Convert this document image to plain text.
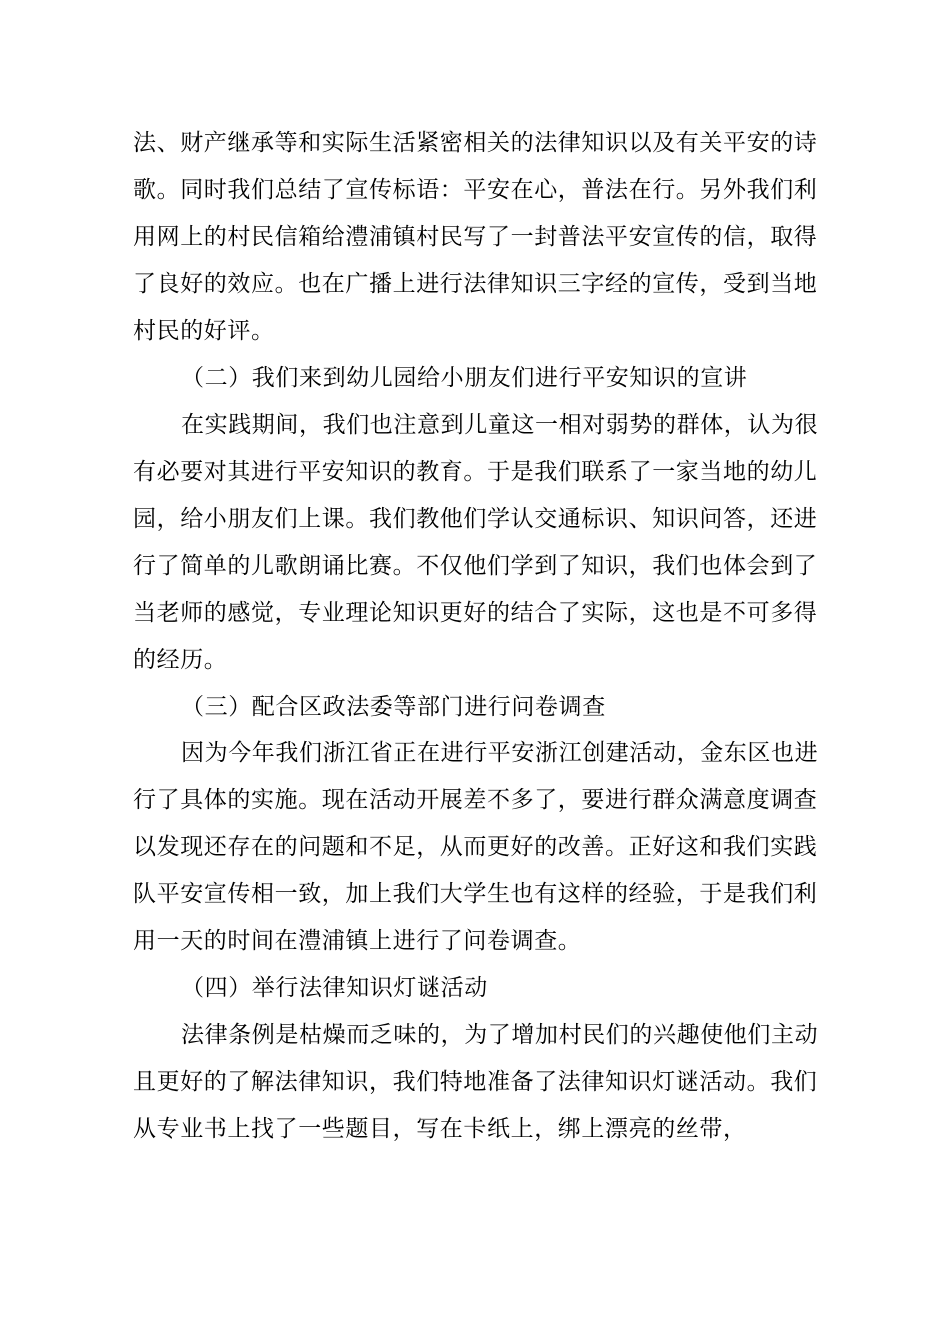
法、财产继承等和实际生活紧密相关的法律知识以及有关平安的诗
歌。同时我们总结了宣传标语：平安在心，普法在行。另外我们利
用网上的村民信箱给澧浦镇村民写了一封普法平安宣传的信，取得
了良好的效应。也在广播上进行法律知识三字经的宣传，受到当地
村民的好评。
（二）我们来到幼儿园给小朋友们进行平安知识的宣讲
在实践期间，我们也注意到儿童这一相对弱势的群体，认为很
有必要对其进行平安知识的教育。于是我们联系了一家当地的幼儿
园，给小朋友们上课。我们教他们学认交通标识、知识问答，还进
行了简单的儿歌朗诵比赛。不仅他们学到了知识，我们也体会到了
当老师的感觉，专业理论知识更好的结合了实际，这也是不可多得
的经历。
（三）配合区政法委等部门进行问卷调查
因为今年我们浙江省正在进行平安浙江创建活动，金东区也进
行了具体的实施。现在活动开展差不多了，要进行群众满意度调查
以发现还存在的问题和不足，从而更好的改善。正好这和我们实践
队平安宣传相一致，加上我们大学生也有这样的经验，于是我们利
用一天的时间在澧浦镇上进行了问卷调查。
（四）举行法律知识灯谜活动
法律条例是枯燥而乏味的，为了增加村民们的兴趣使他们主动
且更好的了解法律知识，我们特地准备了法律知识灯谜活动。我们
从专业书上找了一些题目，写在卡纸上，绑上漂亮的丝带，
